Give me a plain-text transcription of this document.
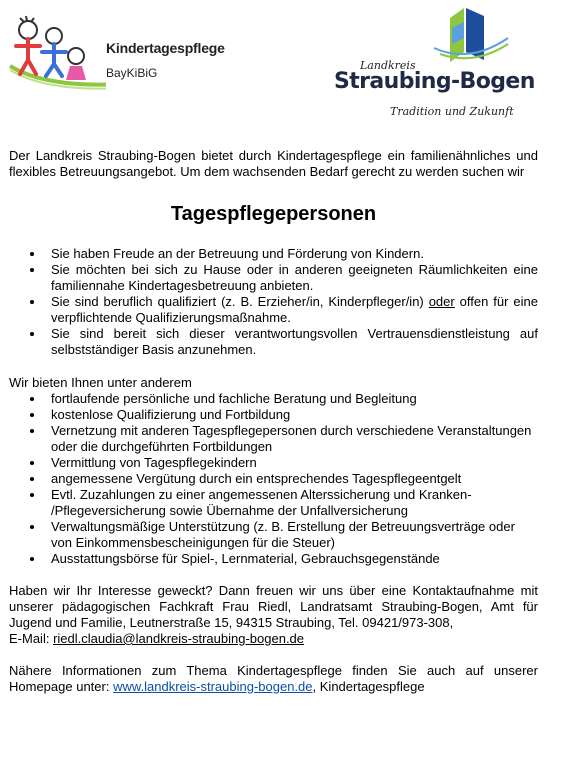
Kindertagespflege
BayKiBiG
Landkreis
Straubing-Bogen
Tradition und Zukunft

Der Landkreis Straubing-Bogen bietet durch Kindertagespflege ein familienähnliches und flexibles Betreuungsangebot. Um dem wachsenden Bedarf gerecht zu werden suchen wir

Tagespflegepersonen

Sie haben Freude an der Betreuung und Förderung von Kindern.
Sie möchten bei sich zu Hause oder in anderen geeigneten Räumlichkeiten eine familiennahe Kindertagesbetreuung anbieten.
Sie sind beruflich qualifiziert (z. B. Erzieher/in, Kinderpfleger/in) oder offen für eine verpflichtende Qualifizierungsmaßnahme.
Sie sind bereit sich dieser verantwortungsvollen Vertrauensdienstleistung auf selbstständiger Basis anzunehmen.

Wir bieten Ihnen unter anderem

fortlaufende persönliche und fachliche Beratung und Begleitung
kostenlose Qualifizierung und Fortbildung
Vernetzung mit anderen Tagespflegepersonen durch verschiedene Veranstaltungen oder die durchgeführten Fortbildungen
Vermittlung von Tagespflegekindern
angemessene Vergütung durch ein entsprechendes Tagespflegeentgelt
Evtl. Zuzahlungen zu einer angemessenen Alterssicherung und Kranken- /Pflegeversicherung sowie Übernahme der Unfallversicherung
Verwaltungsmäßige Unterstützung (z. B. Erstellung der Betreuungsverträge oder von Einkommensbescheinigungen für die Steuer)
Ausstattungsbörse für Spiel-, Lernmaterial, Gebrauchsgegenstände

Haben wir Ihr Interesse geweckt? Dann freuen wir uns über eine Kontaktaufnahme mit unserer pädagogischen Fachkraft Frau Riedl, Landratsamt Straubing-Bogen, Amt für Jugend und Familie, Leutnerstraße 15, 94315 Straubing, Tel. 09421/973-308,
E-Mail: riedl.claudia@landkreis-straubing-bogen.de

Nähere Informationen zum Thema Kindertagespflege finden Sie auch auf unserer Homepage unter: www.landkreis-straubing-bogen.de, Kindertagespflege
